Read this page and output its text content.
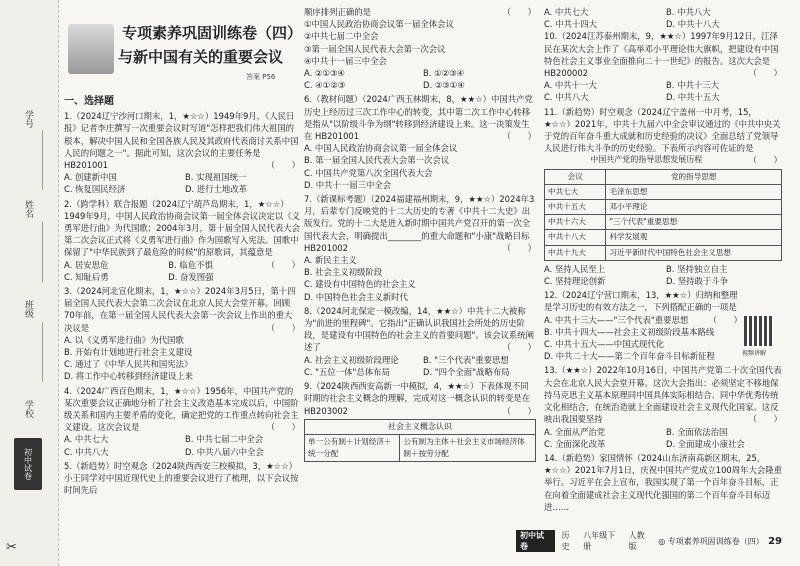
学号
姓名
班级
学校
初中试卷
✂
专项素养巩固训练卷（四）
与新中国有关的重要会议
答案 P56
一、选择题
1.（2024辽宁沙河口期末，1，★☆☆）1949年9月，《人民日报》记者李庄撰写一次重要会议时写道"怎样把我们伟大祖国的根本，解决中国人民和全国各族人民及其政府代表商讨关系中国人民的问题之一"。据此可知，这次会议的主要任务是 HB201001	（　　）
A. 创建新中国	B. 实现祖国统一
C. 恢复国民经济	D. 进行土地改革
2.（跨学科）联合报题（2024辽宁葫芦岛期末，1，★☆☆）1949年9月，中国人民政治协商会议第一届全体会议决定以《义勇军进行曲》为代国歌；2004年3月，第十届全国人民代表大会第二次会议正式将《义勇军进行曲》作为国歌写入宪法。国歌中保留了"中华民族到了最危险的时候"的原歌词，其蕴意是
（　　）
A. 居安思危	B. 临危不惧
C. 知耻后勇	D. 奋发图强
3.（2024河北宣化期末，1，★☆☆）2024年3月5日，第十四届全国人民代表大会第二次会议在北京人民大会堂开幕。回顾70年前，在第一届全国人民代表大会第一次会议上作出的重大决议是	（　　）
A. 以《义勇军进行曲》为代国歌
B. 开始有计划地进行社会主义建设
C. 通过了《中华人民共和国宪法》
D. 将工作中心转移到经济建设上来
4.（2024广西百色期末，1，★☆☆）1956年，中国共产党的某次重要会议正确地分析了社会主义改造基本完成以后，中国阶级关系和国内主要矛盾的变化，确定把党的工作重点转向社会主义建设。这次会议是	（　　）
A. 中共七大	B. 中共七届二中全会
C. 中共八大	D. 中共八届六中全会
5.（新趋势）时空观念（2024陕西西安三校模拟，3，★☆☆）小王同学对中国近现代史上的重要会议进行了梳理，以下会议按时间先后
顺序排列正确的是	（　　）
①中国人民政治协商会议第一届全体会议
②中共七届二中全会
③第一届全国人民代表大会第一次会议
④中共十一届三中全会
A. ②①③④	B. ①②③④
C. ④①②③	D. ②③①④
6.（教材问题）（2024广西玉林期末，8，★★☆）中国共产党历史上经历过三次工作中心的转变，其中第二次工作中心转移是指从"以阶级斗争为纲"转移到经济建设上来。这一决策发生在 HB201001	（　　）
A. 中国人民政治协商会议第一届全体会议
B. 第一届全国人民代表大会第一次会议
C. 中国共产党第八次全国代表大会
D. 中共十一届三中全会
7.（新课标考题）（2024福建福州期末，9，★★☆）2024年3月，后辈专门反映党的十二大历史的专著《中共十二大史》出版发行。党的十二大是进入新时期中国共产党召开的第一次全国代表大会，明确提出________的重大命题和"小康"战略目标 HB201002	（　　）
A. 新民主主义
B. 社会主义初级阶段
C. 建设有中国特色的社会主义
D. 中国特色社会主义新时代
8.（2024河北保定一模改编，14，★★☆）中共十二大被称为"前进的里程碑"。它指出"正确认识我国社会所处的历史阶段，是建设有中国特色的社会主义的首要问题"。该会议系统阐述了	（　　）
A. 社会主义初级阶段理论	B. "三个代表"重要思想
C. "五位一体"总体布局	D. "四个全面"战略布局
9.（2024陕西西安高新一中模拟，4，★★☆）下表体现不同时期的社会主义概念的理解，完成对这一概念认识的转变是在 HB203002	（　　）
社会主义概念认识
单一公有制＋计划经济＋统一分配	公有制为主体＋社会主义市场经济体制＋按劳分配
A. 中共七大	B. 中共八大
C. 中共十四大	D. 中共十八大
10.（2024江苏泰州期末，9，★★☆）1997年9月12日，江泽民在某次大会上作了《高举邓小平理论伟大旗帜，把建设有中国特色社会主义事业全面推向二十一世纪》的报告。这次大会是 HB200002	（　　）
A. 中共十一大	B. 中共十三大
C. 中共八大	D. 中共十五大
11.（新趋势）时空观念（2024辽宁盖州一中月考，15，★☆☆）2021年，中共十九届六中全会审议通过的《中共中央关于党的百年奋斗重大成就和历史经验的决议》全面总结了党领导人民进行伟大斗争的历史经验。下表所示内容可佐证的是
（　　）
中国共产党的指导思想发展历程
会议	党的指导思想
中共七大	毛泽东思想
中共十五大	邓小平理论
中共十六大	"三个代表"重要思想
中共十八大	科学发展观
中共十九大	习近平新时代中国特色社会主义思想
A. 坚持人民至上	B. 坚持独立自主
C. 坚持理论创新	D. 坚持敢于斗争
12.（2024辽宁营口期末，13，★★☆）归纳和整理是学习历史的有效方法之一，下列搭配正确的一项是
（　　）
A. 中共十三大——"三个代表"重要思想
B. 中共十四大——社会主义初级阶段基本路线
C. 中共十五大——中国式现代化
D. 中共二十大——第二个百年奋斗目标新征程
13.（★★☆）2022年10月16日，中国共产党第二十次全国代表大会在北京人民大会堂开幕。这次大会指出：必须坚定不移地保持马克思主义基本原理同中国具体实际相结合、同中华优秀传统文化相结合，在统治造就上全面建设社会主义现代化国家。这反映出我国要坚持	（　　）
A. 全面从严治党	B. 全面依法治国
C. 全面深化改革	D. 全面建成小康社会
14.（新趋势）家国情怀（2024山东济南高新区期末，25，★☆☆）2021年7月1日，庆祝中国共产党成立100周年大会隆重举行。习近平在会上宣布，我国实现了第一个百年奋斗目标，正在向着全面建成社会主义现代化强国的第二个百年奋斗目标迈进……
视频讲解
初中试卷
历史
八年级下册
人教版
◎ 专项素养巩固训练卷（四） 29
